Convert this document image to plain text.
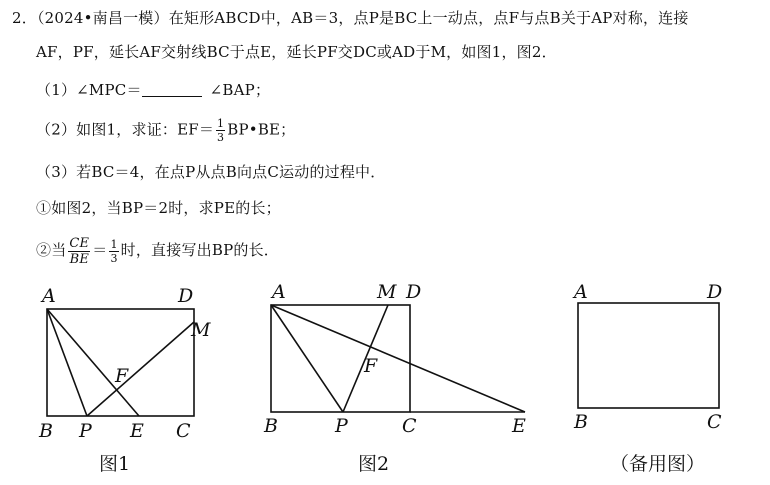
2．（2024•南昌一模）在矩形ABCD中，AB＝3，点P是BC上一动点，点F与点B关于AP对称，连接
AF，PF，延长AF交射线BC于点E，延长PF交DC或AD于M，如图1，图2．
（1）∠MPC＝	∠BAP；
（2）如图1，求证：$EF= \frac{1}{3}$ BP•BE；
（3）若BC＝4，在点P从点B向点C运动的过程中．
①如图2，当BP＝2时，求PE的长；
②当 $\frac{CE}{BE} = \frac{1}{3}$ 时，直接写出BP的长．
A	D
M
F
B P E C
图1
A	M D
F
B	P	C	E
图2
A	D
B	C
（备用图）
